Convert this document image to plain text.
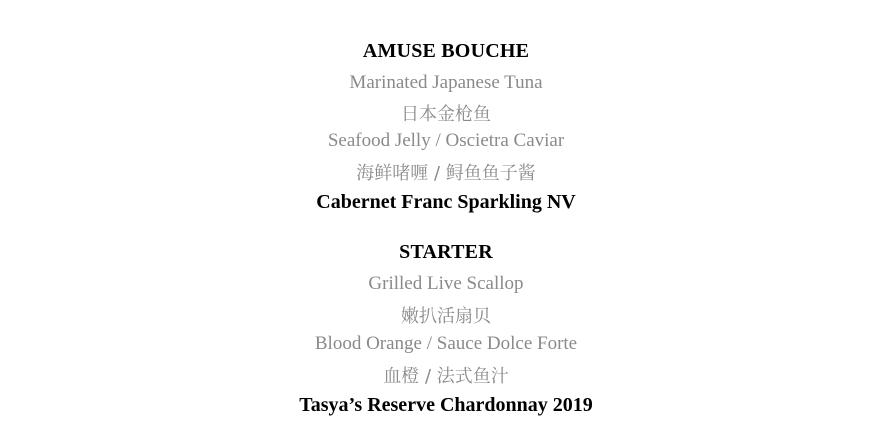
AMUSE BOUCHE
Marinated Japanese Tuna
日本金枪鱼
Seafood Jelly / Oscietra Caviar
海鲜啫喱 / 鲟鱼鱼子酱
Cabernet Franc Sparkling NV
STARTER
Grilled Live Scallop
嫩扒活扇贝
Blood Orange / Sauce Dolce Forte
血橙 / 法式鱼汁
Tasya’s Reserve Chardonnay 2019
